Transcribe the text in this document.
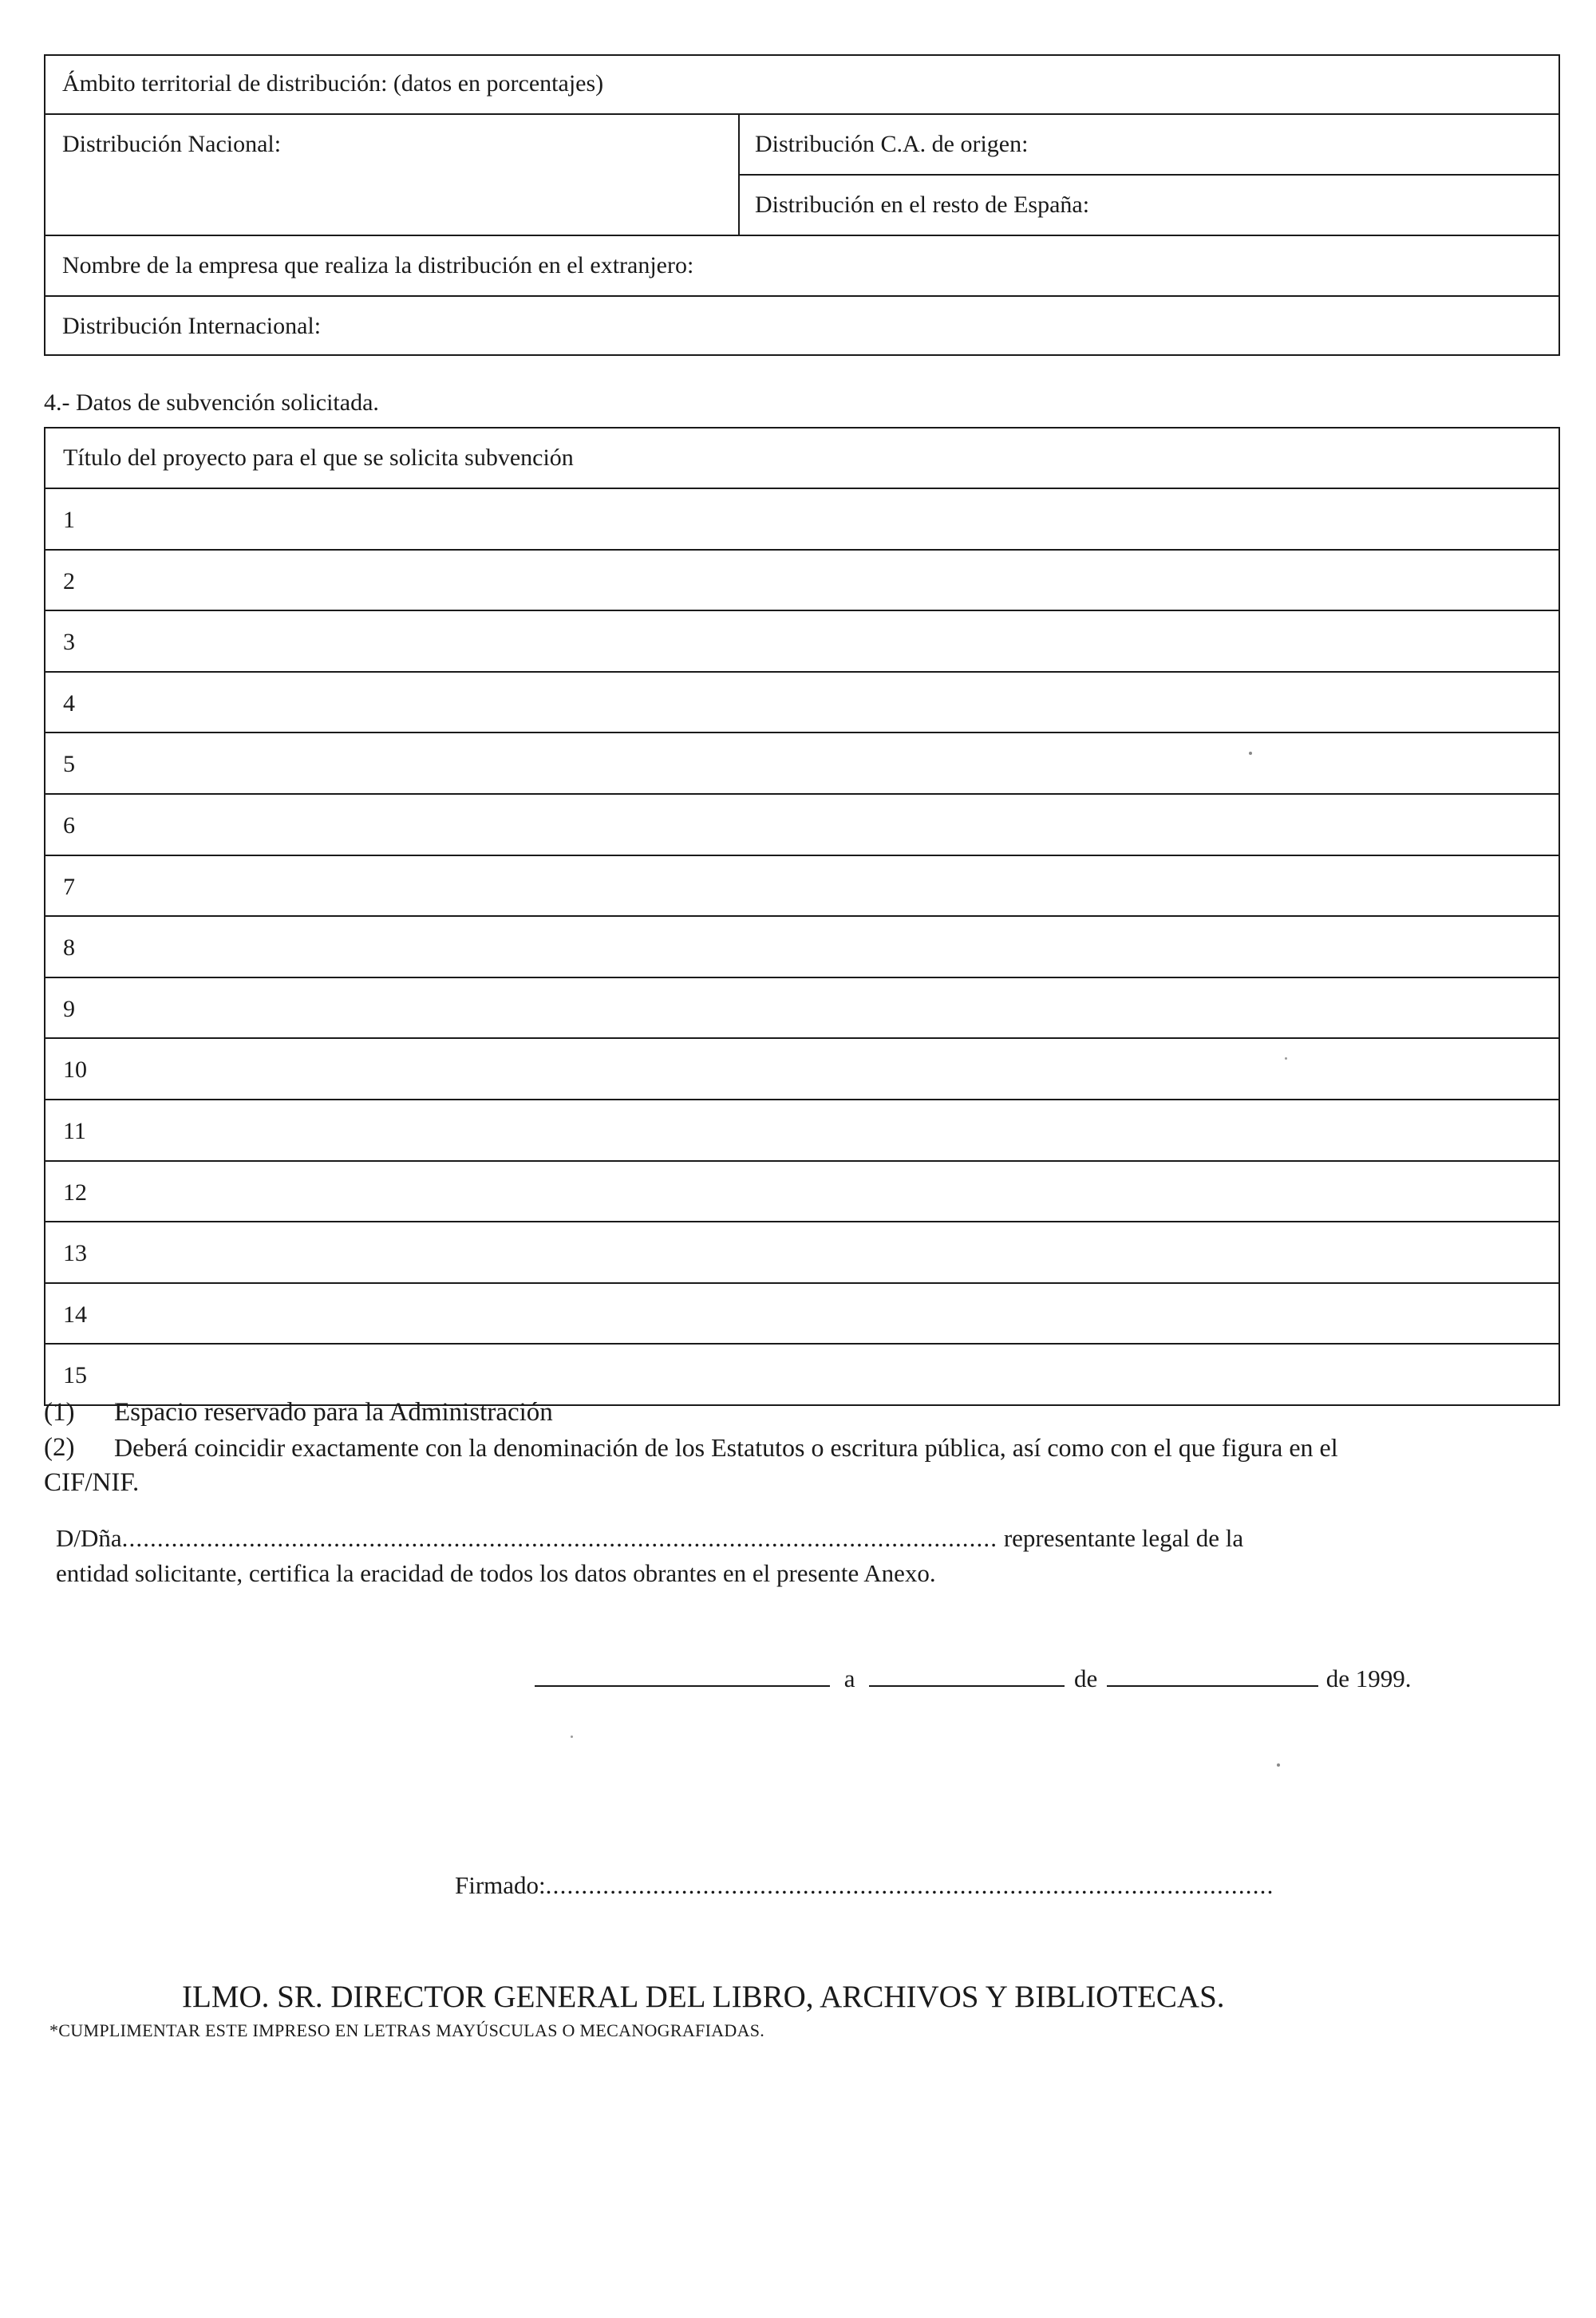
Ámbito territorial de distribución: (datos en porcentajes)
Distribución Nacional:	Distribución C.A. de origen:
Distribución en el resto de España:
Nombre de la empresa que realiza la distribución en el extranjero:
Distribución Internacional:
4.- Datos de subvención solicitada.
Título del proyecto para el que se solicita subvención
1
2
3
4
5
6
7
8
9
10
11
12
13
14
15
(1) Espacio reservado para la Administración
(2) Deberá coincidir exactamente con la denominación de los Estatutos o escritura pública, así como con el que figura en el
CIF/NIF.
D/Dña............................................................................................................................ representante legal de la
entidad solicitante, certifica la eracidad de todos los datos obrantes en el presente Anexo.
a	de	de 1999.
Firmado:......................................................................................................
ILMO. SR. DIRECTOR GENERAL DEL LIBRO, ARCHIVOS Y BIBLIOTECAS.
*CUMPLIMENTAR ESTE IMPRESO EN LETRAS MAYÚSCULAS O MECANOGRAFIADAS.
